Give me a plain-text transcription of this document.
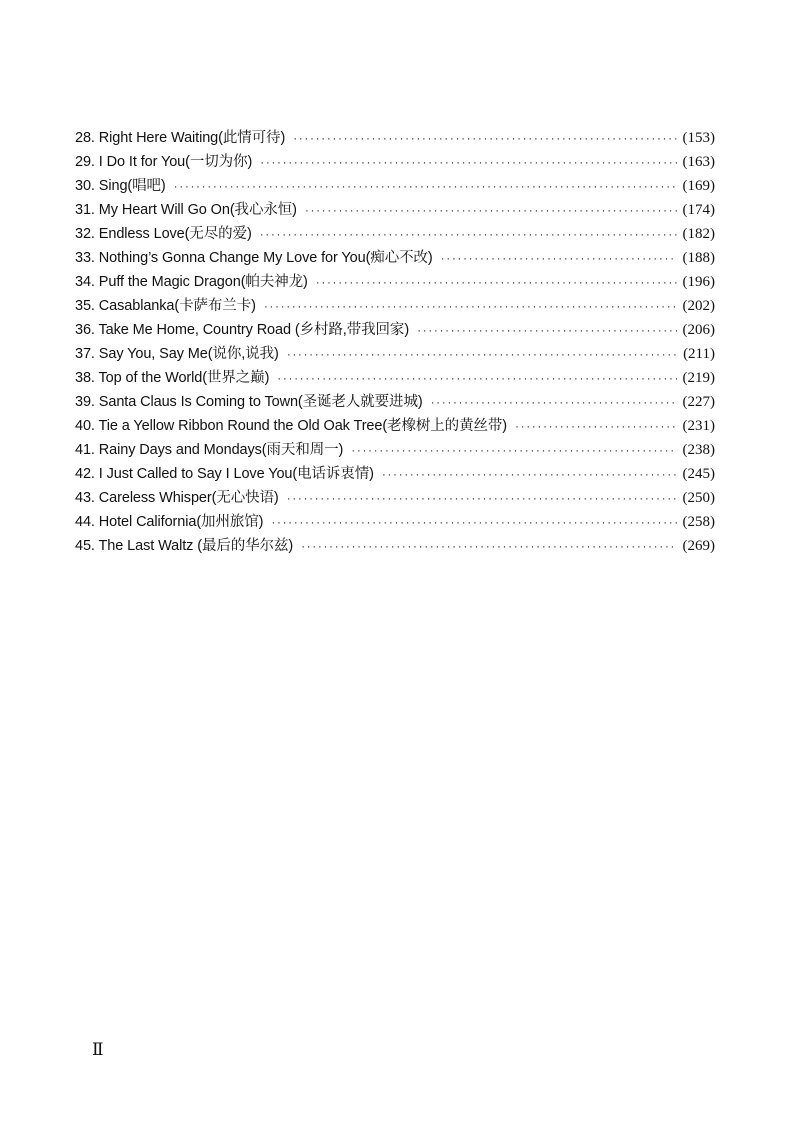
28. Right Here Waiting(此情可待) ·····	(153)
29. I Do It for You(一切为你) ·····	(163)
30. Sing(唱吧) ·····	(169)
31. My Heart Will Go On(我心永恒) ·····	(174)
32. Endless Love(无尽的爱) ·····	(182)
33. Nothing’s Gonna Change My Love for You(痴心不改) ·····	(188)
34. Puff the Magic Dragon(帕夫神龙) ·····	(196)
35. Casablanka(卡萨布兰卡) ·····	(202)
36. Take Me Home, Country Road (乡村路,带我回家) ·····	(206)
37. Say You, Say Me(说你,说我) ·····	(211)
38. Top of the World(世界之巅) ·····	(219)
39. Santa Claus Is Coming to Town(圣诞老人就要进城) ·····	(227)
40. Tie a Yellow Ribbon Round the Old Oak Tree(老橡树上的黄丝带) ·····	(231)
41. Rainy Days and Mondays(雨天和周一) ·····	(238)
42. I Just Called to Say I Love You(电话诉衷情) ·····	(245)
43. Careless Whisper(无心快语) ·····	(250)
44. Hotel California(加州旅馆) ·····	(258)
45. The Last Waltz (最后的华尔兹) ·····	(269)
Ⅱ
